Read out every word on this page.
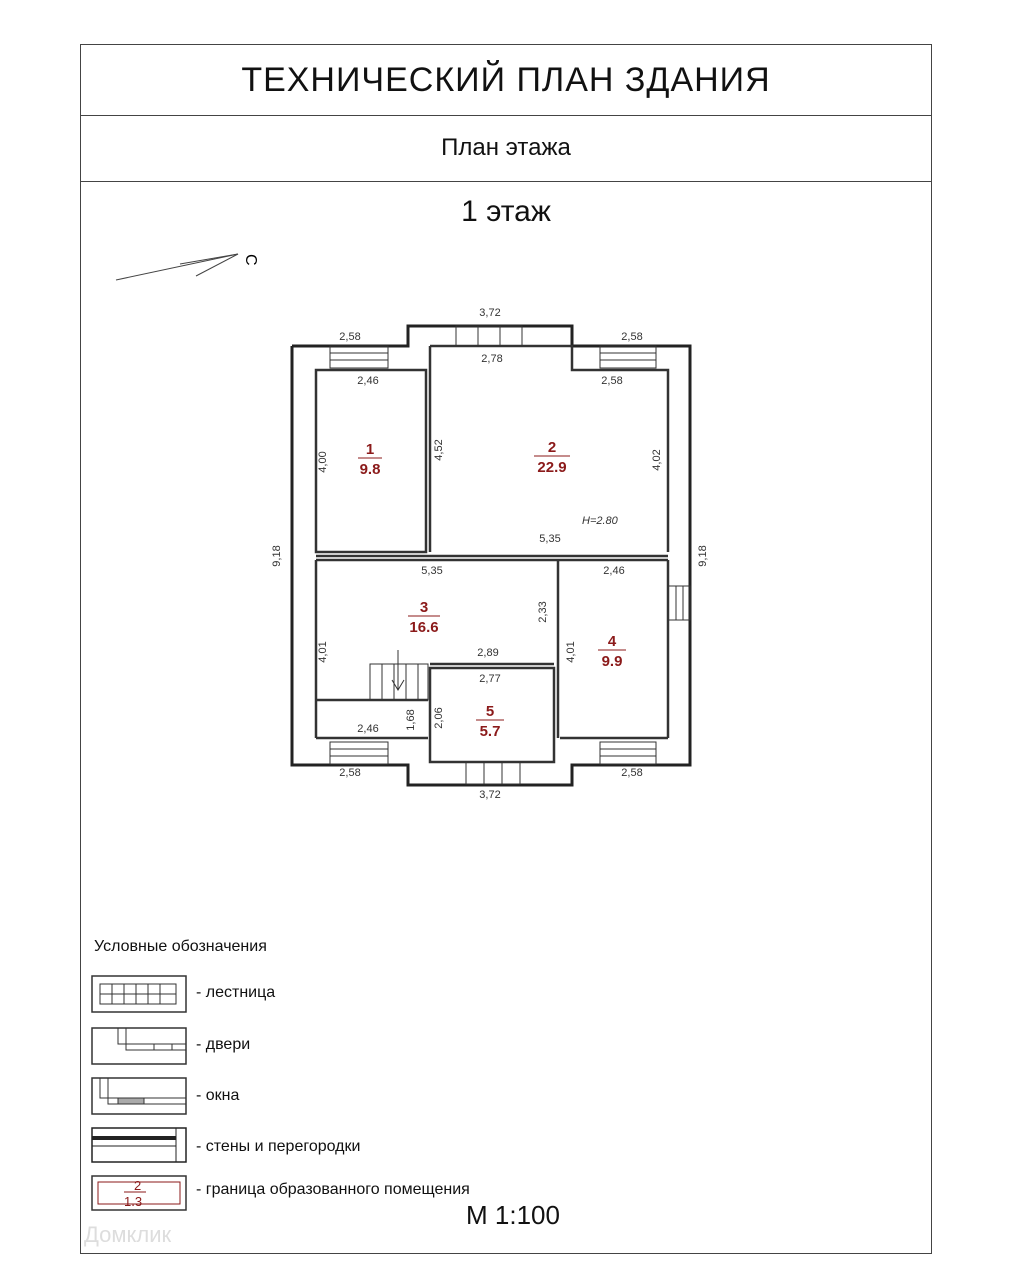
ТЕХНИЧЕСКИЙ ПЛАН ЗДАНИЯ
План этажа
1 этаж
С
1
9.8
2
22.9
3
16.6
4
9.9
5
5.7
Н=2.80
3,72
2,58	2,58
2,46
4,00
2,78
2,58
4,52	4,02
5,35
9,18	9,18
5,35
2,33
4,01	2,89
2,46
4,01
2,77
2,06
2,46 1,68
2,58	2,58
3,72
2
1.3
Условные обозначения
- лестница
- двери
- окна
- стены и перегородки
- граница образованного помещения
М 1:100
Домклик
